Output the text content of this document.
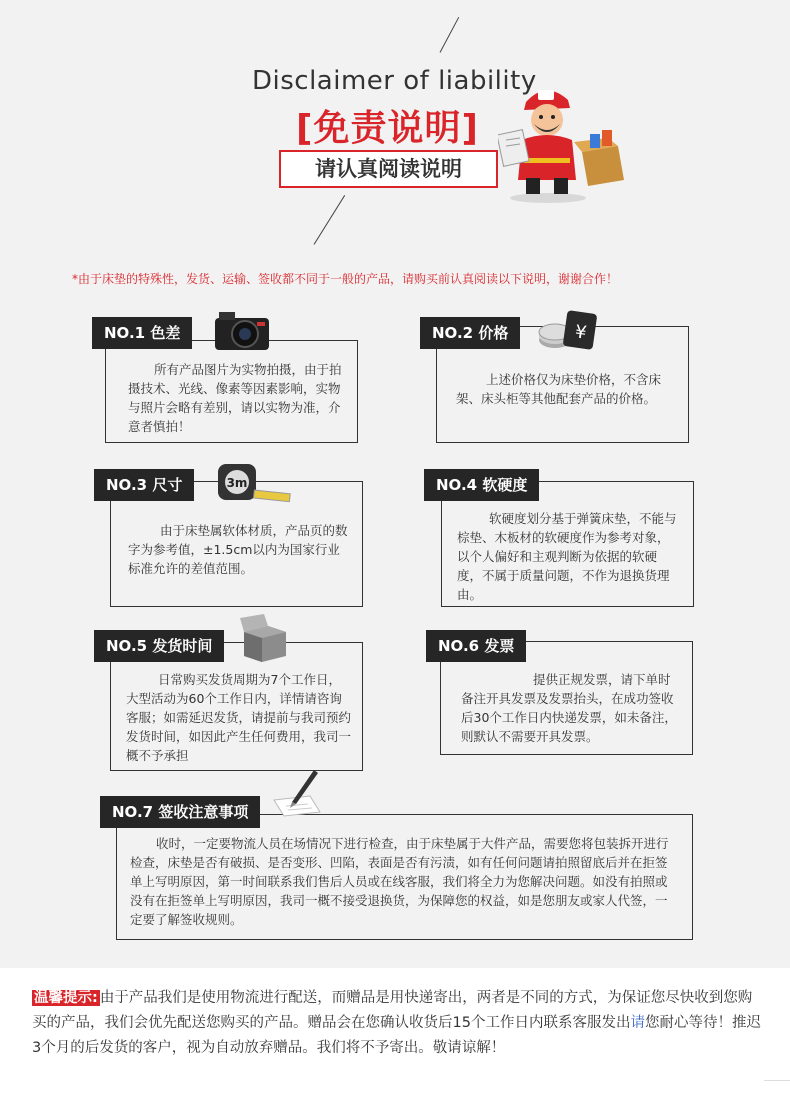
Disclaimer of liability
[免责说明]
请认真阅读说明
*由于床垫的特殊性，发货、运输、签收都不同于一般的产品，请购买前认真阅读以下说明，谢谢合作！
NO.1 色差
所有产品图片为实物拍摄，由于拍摄技术、光线、像素等因素影响，实物与照片会略有差别，请以实物为准，介意者慎拍！
NO.2 价格	¥
上述价格仅为床垫价格，不含床架、床头柜等其他配套产品的价格。
NO.3 尺寸	3m
由于床垫属软体材质，产品页的数字为参考值，±1.5cm以内为国家行业标准允许的差值范围。
NO.4 软硬度
软硬度划分基于弹簧床垫，不能与棕垫、木板材的软硬度作为参考对象，以个人偏好和主观判断为依据的软硬度，不属于质量问题，不作为退换货理由。
NO.5 发货时间
日常购买发货周期为7个工作日，大型活动为60个工作日内，详情请咨询客服；如需延迟发货，请提前与我司预约发货时间，如因此产生任何费用，我司一概不予承担
NO.6 发票
提供正规发票，请下单时备注开具发票及发票抬头，在成功签收后30个工作日内快递发票，如未备注，则默认不需要开具发票。
NO.7 签收注意事项
收时，一定要物流人员在场情况下进行检查，由于床垫属于大件产品，需要您将包装拆开进行检查，床垫是否有破损、是否变形、凹陷，表面是否有污渍，如有任何问题请拍照留底后并在拒签单上写明原因，第一时间联系我们售后人员或在线客服，我们将全力为您解决问题。如没有拍照或没有在拒签单上写明原因，我司一概不接受退换货，为保障您的权益，如是您朋友或家人代签，一定要了解签收规则。
温馨提示: 由于产品我们是使用物流进行配送，而赠品是用快递寄出，两者是不同的方式，为保证您尽快收到您购买的产品，我们会优先配送您购买的产品。赠品会在您确认收货后15个工作日内联系客服发出请您耐心等待！推迟3个月的后发货的客户，视为自动放弃赠品。我们将不予寄出。敬请谅解！
